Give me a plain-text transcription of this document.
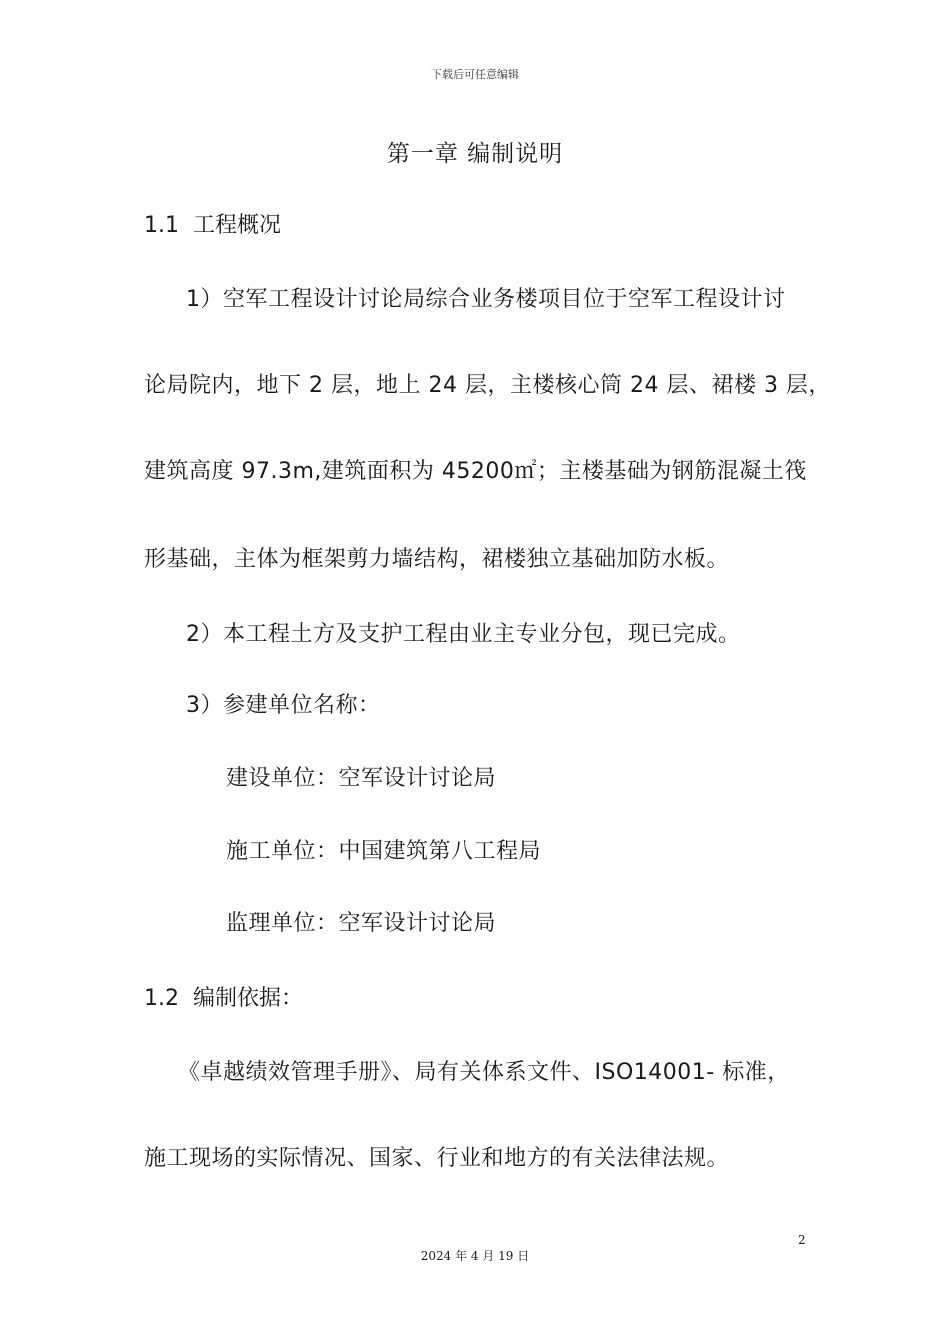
下载后可任意编辑
第一章 编制说明
1.1 工程概况
1）空军工程设计讨论局综合业务楼项目位于空军工程设计讨
论局院内，地下 2 层，地上 24 层，主楼核心筒 24 层、裙楼 3 层，
建筑高度 97.3m,建筑面积为 45200㎡；主楼基础为钢筋混凝土筏
形基础，主体为框架剪力墙结构，裙楼独立基础加防水板。
2）本工程土方及支护工程由业主专业分包，现已完成。
3）参建单位名称：
建设单位：空军设计讨论局
施工单位：中国建筑第八工程局
监理单位：空军设计讨论局
1.2 编制依据：
《卓越绩效管理手册》、局有关体系文件、ISO14001- 标准，
施工现场的实际情况、国家、行业和地方的有关法律法规。
2
2024 年 4 月 19 日
